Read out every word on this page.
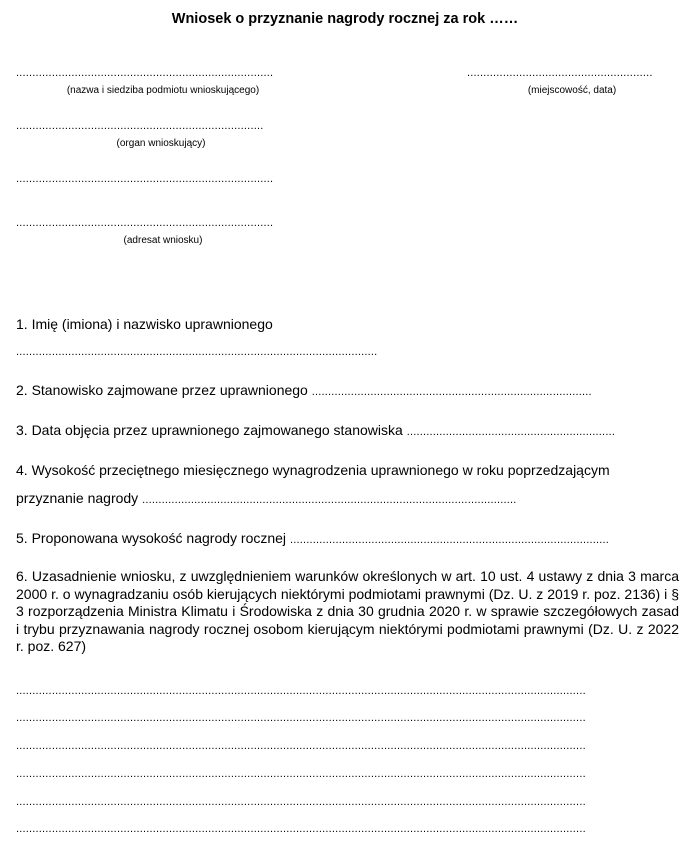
Wniosek o przyznanie nagrody rocznej za rok ……
...............................................................................
(nazwa i siedziba podmiotu wnioskującego)
.........................................................
(miejscowość, data)
............................................................................
(organ wnioskujący)
...............................................................................
...............................................................................
(adresat wniosku)
1. Imię (imiona) i nazwisko uprawnionego
...............................................................................................................
2. Stanowisko zajmowane przez uprawnionego ......................................................................................
3. Data objęcia przez uprawnionego zajmowanego stanowiska ................................................................
4. Wysokość przeciętnego miesięcznego wynagrodzenia uprawnionego w roku poprzedzającym
przyznanie nagrody ...................................................................................................................
5. Proponowana wysokość nagrody rocznej ..................................................................................................
6. Uzasadnienie wniosku, z uwzględnieniem warunków określonych w art. 10 ust. 4 ustawy z dnia 3 marca 2000 r. o wynagradzaniu osób kierujących niektórymi podmiotami prawnymi (Dz. U. z 2019 r. poz. 2136) i § 3 rozporządzenia Ministra Klimatu i Środowiska z dnia 30 grudnia 2020 r. w sprawie szczegółowych zasad i trybu przyznawania nagrody rocznej osobom kierującym niektórymi podmiotami prawnymi (Dz. U. z 2022 r. poz. 627)
...............................................................................................................................................................................
...............................................................................................................................................................................
...............................................................................................................................................................................
...............................................................................................................................................................................
...............................................................................................................................................................................
...............................................................................................................................................................................
